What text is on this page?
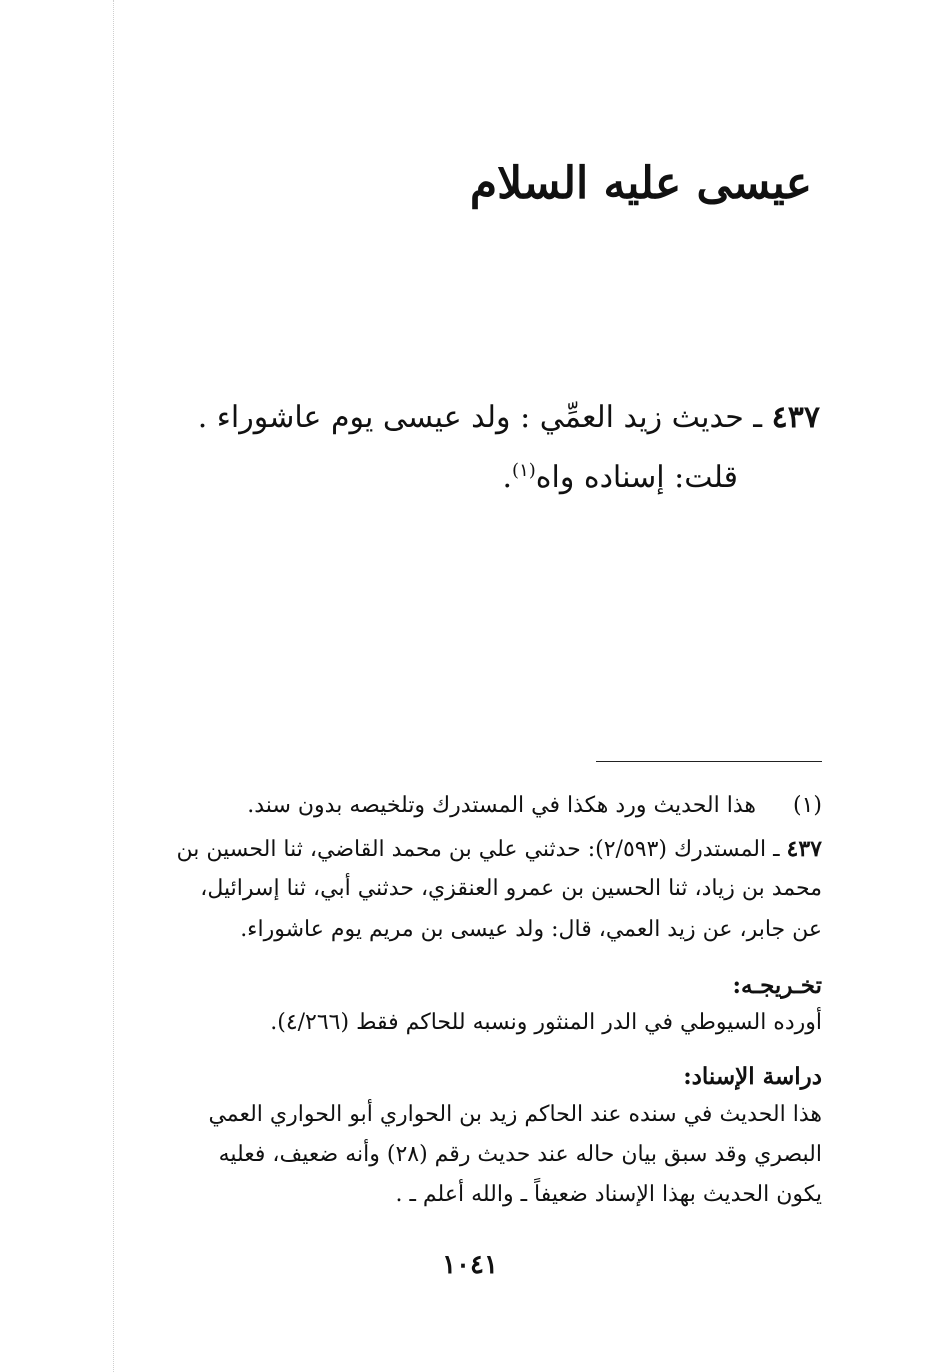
عيسى عليه السلام
٤٣٧ ـ حديث زيد العمِّي : ولد عيسى يوم عاشوراء .
قلت: إسناده واه$^{(١)}$.
(١) هذا الحديث ورد هكذا في المستدرك وتلخيصه بدون سند.
٤٣٧ ـ المستدرك (٢/٥٩٣): حدثني علي بن محمد القاضي، ثنا الحسين بن
محمد بن زياد، ثنا الحسين بن عمرو العنقزي، حدثني أبي، ثنا إسرائيل،
عن جابر، عن زيد العمي، قال: ولد عيسى بن مريم يوم عاشوراء.
تخـريجـه:
أورده السيوطي في الدر المنثور ونسبه للحاكم فقط (٤/٢٦٦).
دراسة الإسناد:
هذا الحديث في سنده عند الحاكم زيد بن الحواري أبو الحواري العمي
البصري وقد سبق بيان حاله عند حديث رقم (٢٨) وأنه ضعيف، فعليه
يكون الحديث بهذا الإسناد ضعيفاً ـ والله أعلم ـ .
١٠٤١
